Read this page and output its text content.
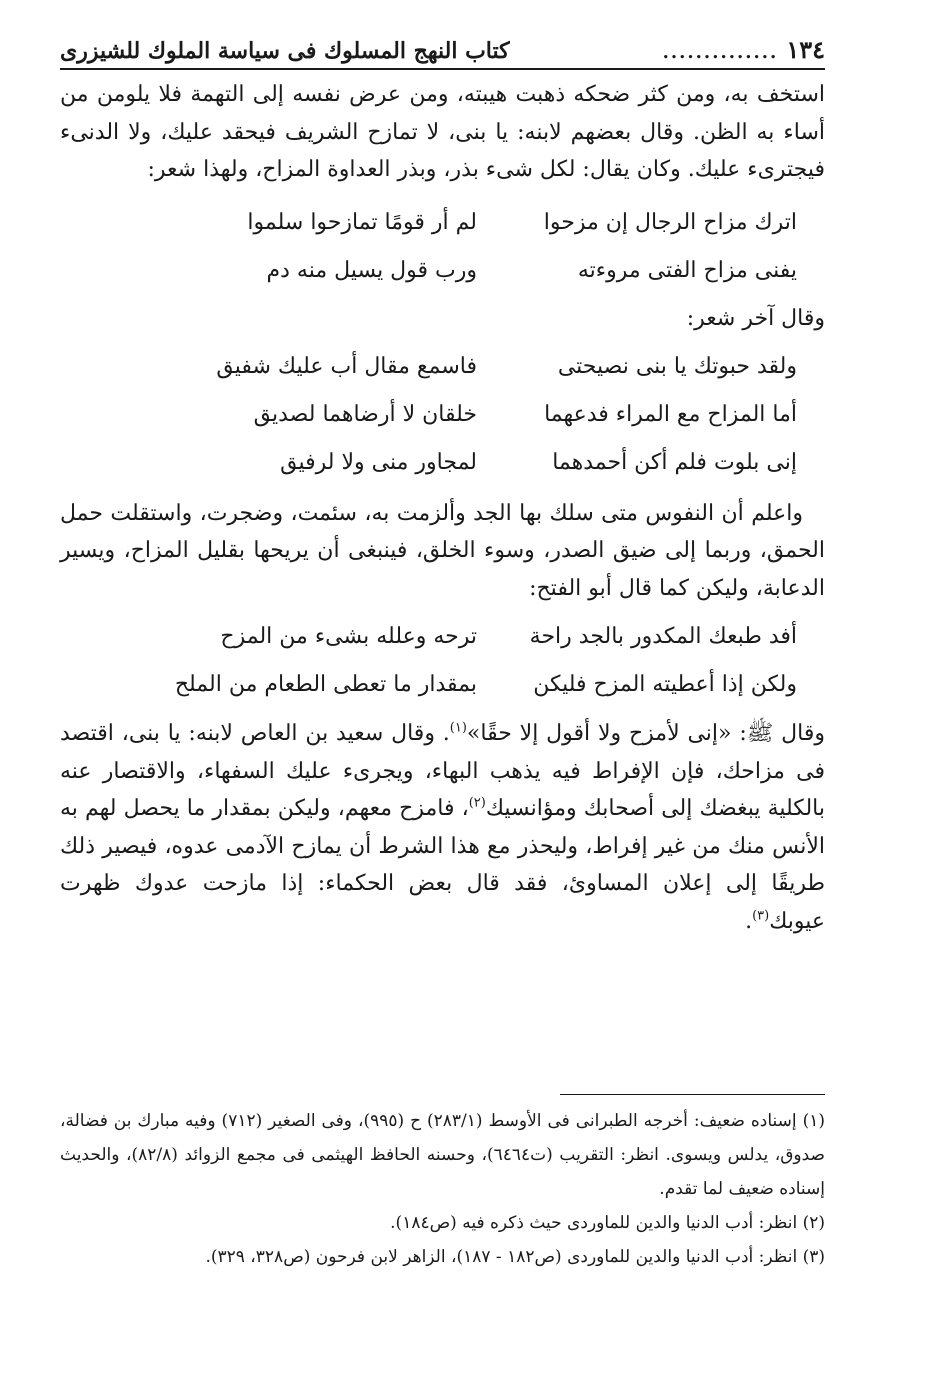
١٣٤
..............
كتاب النهج المسلوك فى سياسة الملوك للشيزرى

استخف به، ومن كثر ضحكه ذهبت هيبته، ومن عرض نفسه إلى التهمة فلا يلومن من أساء به الظن. وقال بعضهم لابنه: يا بنى، لا تمازح الشريف فيحقد عليك، ولا الدنىء فيجترىء عليك. وكان يقال: لكل شىء بذر، وبذر العداوة المزاح، ولهذا شعر:

اترك مزاح الرجال إن مزحوا
لم أر قومًا تمازحوا سلموا
يفنى مزاح الفتى مروءته
ورب قول يسيل منه دم

وقال آخر شعر:

ولقد حبوتك يا بنى نصيحتى
فاسمع مقال أب عليك شفيق
أما المزاح مع المراء فدعهما
خلقان لا أرضاهما لصديق
إنى بلوت فلم أكن أحمدهما
لمجاور منى ولا لرفيق

واعلم أن النفوس متى سلك بها الجد وألزمت به، سئمت، وضجرت، واستقلت حمل الحمق، وربما إلى ضيق الصدر، وسوء الخلق، فينبغى أن يريحها بقليل المزاح، ويسير الدعابة، وليكن كما قال أبو الفتح:

أفد طبعك المكدور بالجد راحة
ترحه وعلله بشىء من المزح
ولكن إذا أعطيته المزح فليكن
بمقدار ما تعطى الطعام من الملح

وقال ﷺ: «إنى لأمزح ولا أقول إلا حقًا»$^{(١)}$. وقال سعيد بن العاص لابنه: يا بنى، اقتصد فى مزاحك، فإن الإفراط فيه يذهب البهاء، ويجرىء عليك السفهاء، والاقتصار عنه بالكلية يبغضك إلى أصحابك ومؤانسيك$^{(٢)}$، فامزح معهم، وليكن بمقدار ما يحصل لهم به الأنس منك من غير إفراط، وليحذر مع هذا الشرط أن يمازح الآدمى عدوه، فيصير ذلك طريقًا إلى إعلان المساوئ، فقد قال بعض الحكماء: إذا مازحت عدوك ظهرت عيوبك$^{(٣)}$.

(١) إسناده ضعيف: أخرجه الطبرانى فى الأوسط (٢٨٣/١) ح (٩٩٥)، وفى الصغير (٧١٢) وفيه مبارك بن فضالة، صدوق، يدلس ويسوى. انظر: التقريب (ت٦٤٦٤)، وحسنه الحافظ الهيثمى فى مجمع الزوائد (٨٢/٨)، والحديث إسناده ضعيف لما تقدم.

(٢) انظر: أدب الدنيا والدين للماوردى حيث ذكره فيه (ص١٨٤).

(٣) انظر: أدب الدنيا والدين للماوردى (ص١٨٢ - ١٨٧)، الزاهر لابن فرحون (ص٣٢٨، ٣٢٩).
